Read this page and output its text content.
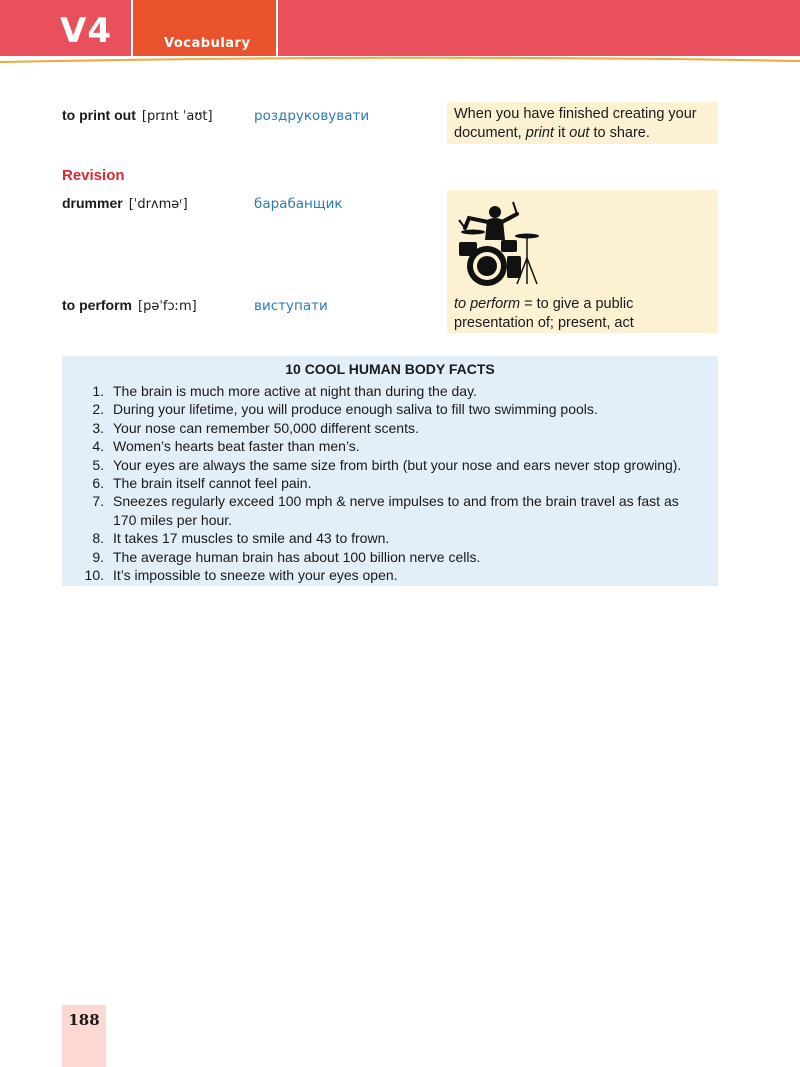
V4	Vocabulary
to print out [prɪnt ˈaʊt]	роздруковувати	When you have finished creating your document, print it out to share.
Revision
drummer [ˈdrʌməʳ]	барабанщик
to perform [pəˈfɔːm]	виступати	to perform = to give a public presentation of; present, act
10 COOL HUMAN BODY FACTS
1. The brain is much more active at night than during the day.
2. During your lifetime, you will produce enough saliva to fill two swimming pools.
3. Your nose can remember 50,000 different scents.
4. Women’s hearts beat faster than men’s.
5. Your eyes are always the same size from birth (but your nose and ears never stop growing).
6. The brain itself cannot feel pain.
7. Sneezes regularly exceed 100 mph & nerve impulses to and from the brain travel as fast as 170 miles per hour.
8. It takes 17 muscles to smile and 43 to frown.
9. The average human brain has about 100 billion nerve cells.
10. It’s impossible to sneeze with your eyes open.
188
